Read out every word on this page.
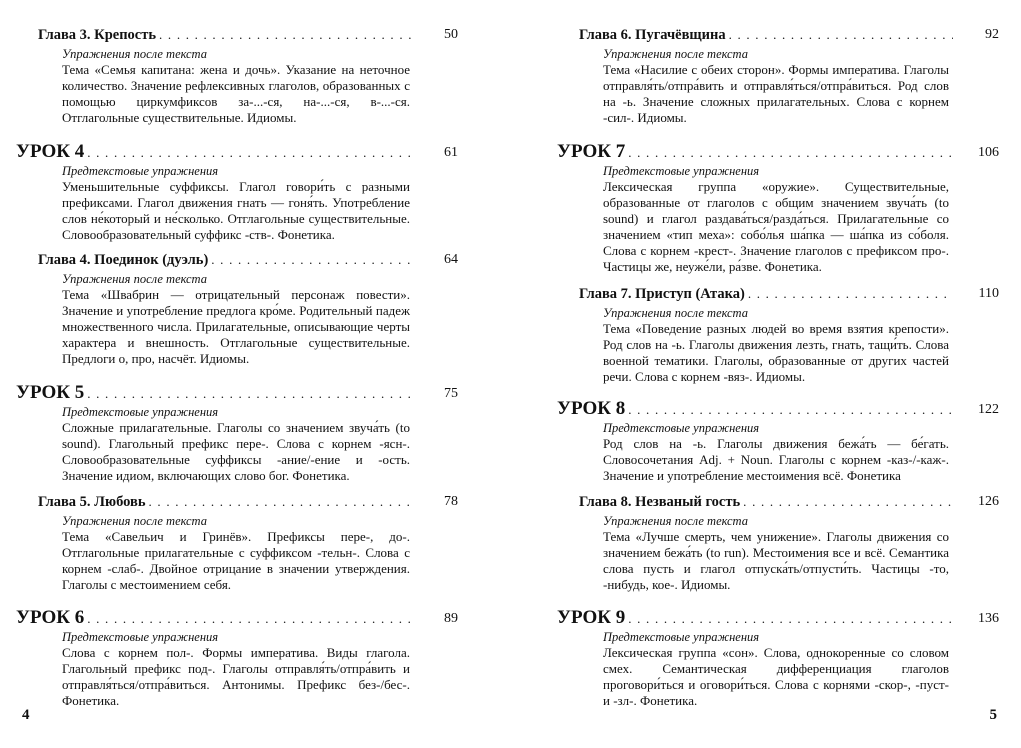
Глава 3. Крепость . . .	50
Упражнения после текста
Тема «Семья капитана: жена и дочь». Указание на неточное количество. Значение рефлексивных глаголов, образованных с помощью циркумфиксов за-...-ся, на-...-ся, в-...-ся. Отглагольные существительные. Идиомы.
УРОК 4 . . .	61
Предтекстовые упражнения
Уменьшительные суффиксы. Глагол говори́ть с разными префиксами. Глагол движения гнать — гоня́ть. Употребление слов не́который и не́сколько. Отглагольные существительные. Словообразовательный суффикс -ств-. Фонетика.
Глава 4. Поединок (дуэль) . . .	64
Упражнения после текста
Тема «Швабрин — отрицательный персонаж повести». Значение и употребление предлога кро́ме. Родительный падеж множественного числа. Прилагательные, описывающие черты характера и внешность. Отглагольные существительные. Предлоги о, про, насчёт. Идиомы.
УРОК 5 . . .	75
Предтекстовые упражнения
Сложные прилагательные. Глаголы со значением звуча́ть (to sound). Глагольный префикс пере-. Слова с корнем -ясн-. Словообразовательные суффиксы -ание/-ение и -ость. Значение идиом, включающих слово бог. Фонетика.
Глава 5. Любовь . . .	78
Упражнения после текста
Тема «Савельич и Гринёв». Префиксы пере-, до-. Отглагольные прилагательные с суффиксом -тельн-. Слова с корнем -слаб-. Двойное отрицание в значении утверждения. Глаголы с местоимением себя.
УРОК 6 . . .	89
Предтекстовые упражнения
Слова с корнем пол-. Формы императива. Виды глагола. Глагольный префикс под-. Глаголы отправля́ть/отпра́вить и отправля́ться/отпра́виться. Антонимы. Префикс без-/бес-. Фонетика.
4
Глава 6. Пугачёвщина . . .	92
Упражнения после текста
Тема «Насилие с обеих сторон». Формы императива. Глаголы отправля́ть/отпра́вить и отправля́ться/отпра́виться. Род слов на -ь. Значение сложных прилагательных. Слова с корнем -сил-. Идиомы.
УРОК 7 . . .	106
Предтекстовые упражнения
Лексическая группа «оружие». Существительные, образованные от глаголов с общим значением звуча́ть (to sound) и глагол раздава́ться/разда́ться. Прилагательные со значением «тип меха»: собо́лья ша́пка — ша́пка из со́боля. Слова с корнем -крест-. Значение глаголов с префиксом про-. Частицы же, неуже́ли, ра́зве. Фонетика.
Глава 7. Приступ (Атака) . . .	110
Упражнения после текста
Тема «Поведение разных людей во время взятия крепости». Род слов на -ь. Глаголы движения лезть, гнать, тащи́ть. Слова военной тематики. Глаголы, образованные от других частей речи. Слова с корнем -вяз-. Идиомы.
УРОК 8 . . .	122
Предтекстовые упражнения
Род слов на -ь. Глаголы движения бежа́ть — бе́гать. Словосочетания Adj. + Noun. Глаголы с корнем -каз-/-каж-. Значение и употребление местоимения всё. Фонетика
Глава 8. Незваный гость . . .	126
Упражнения после текста
Тема «Лучше смерть, чем унижение». Глаголы движения со значением бежа́ть (to run). Местоимения все и всё. Семантика слова пусть и глагол отпуска́ть/отпусти́ть. Частицы -то, -нибудь, кое-. Идиомы.
УРОК 9 . . .	136
Предтекстовые упражнения
Лексическая группа «сон». Слова, однокоренные со словом смех. Семантическая дифференциация глаголов проговори́ться и оговори́ться. Слова с корнями -скор-, -пуст- и -зл-. Фонетика.
5
